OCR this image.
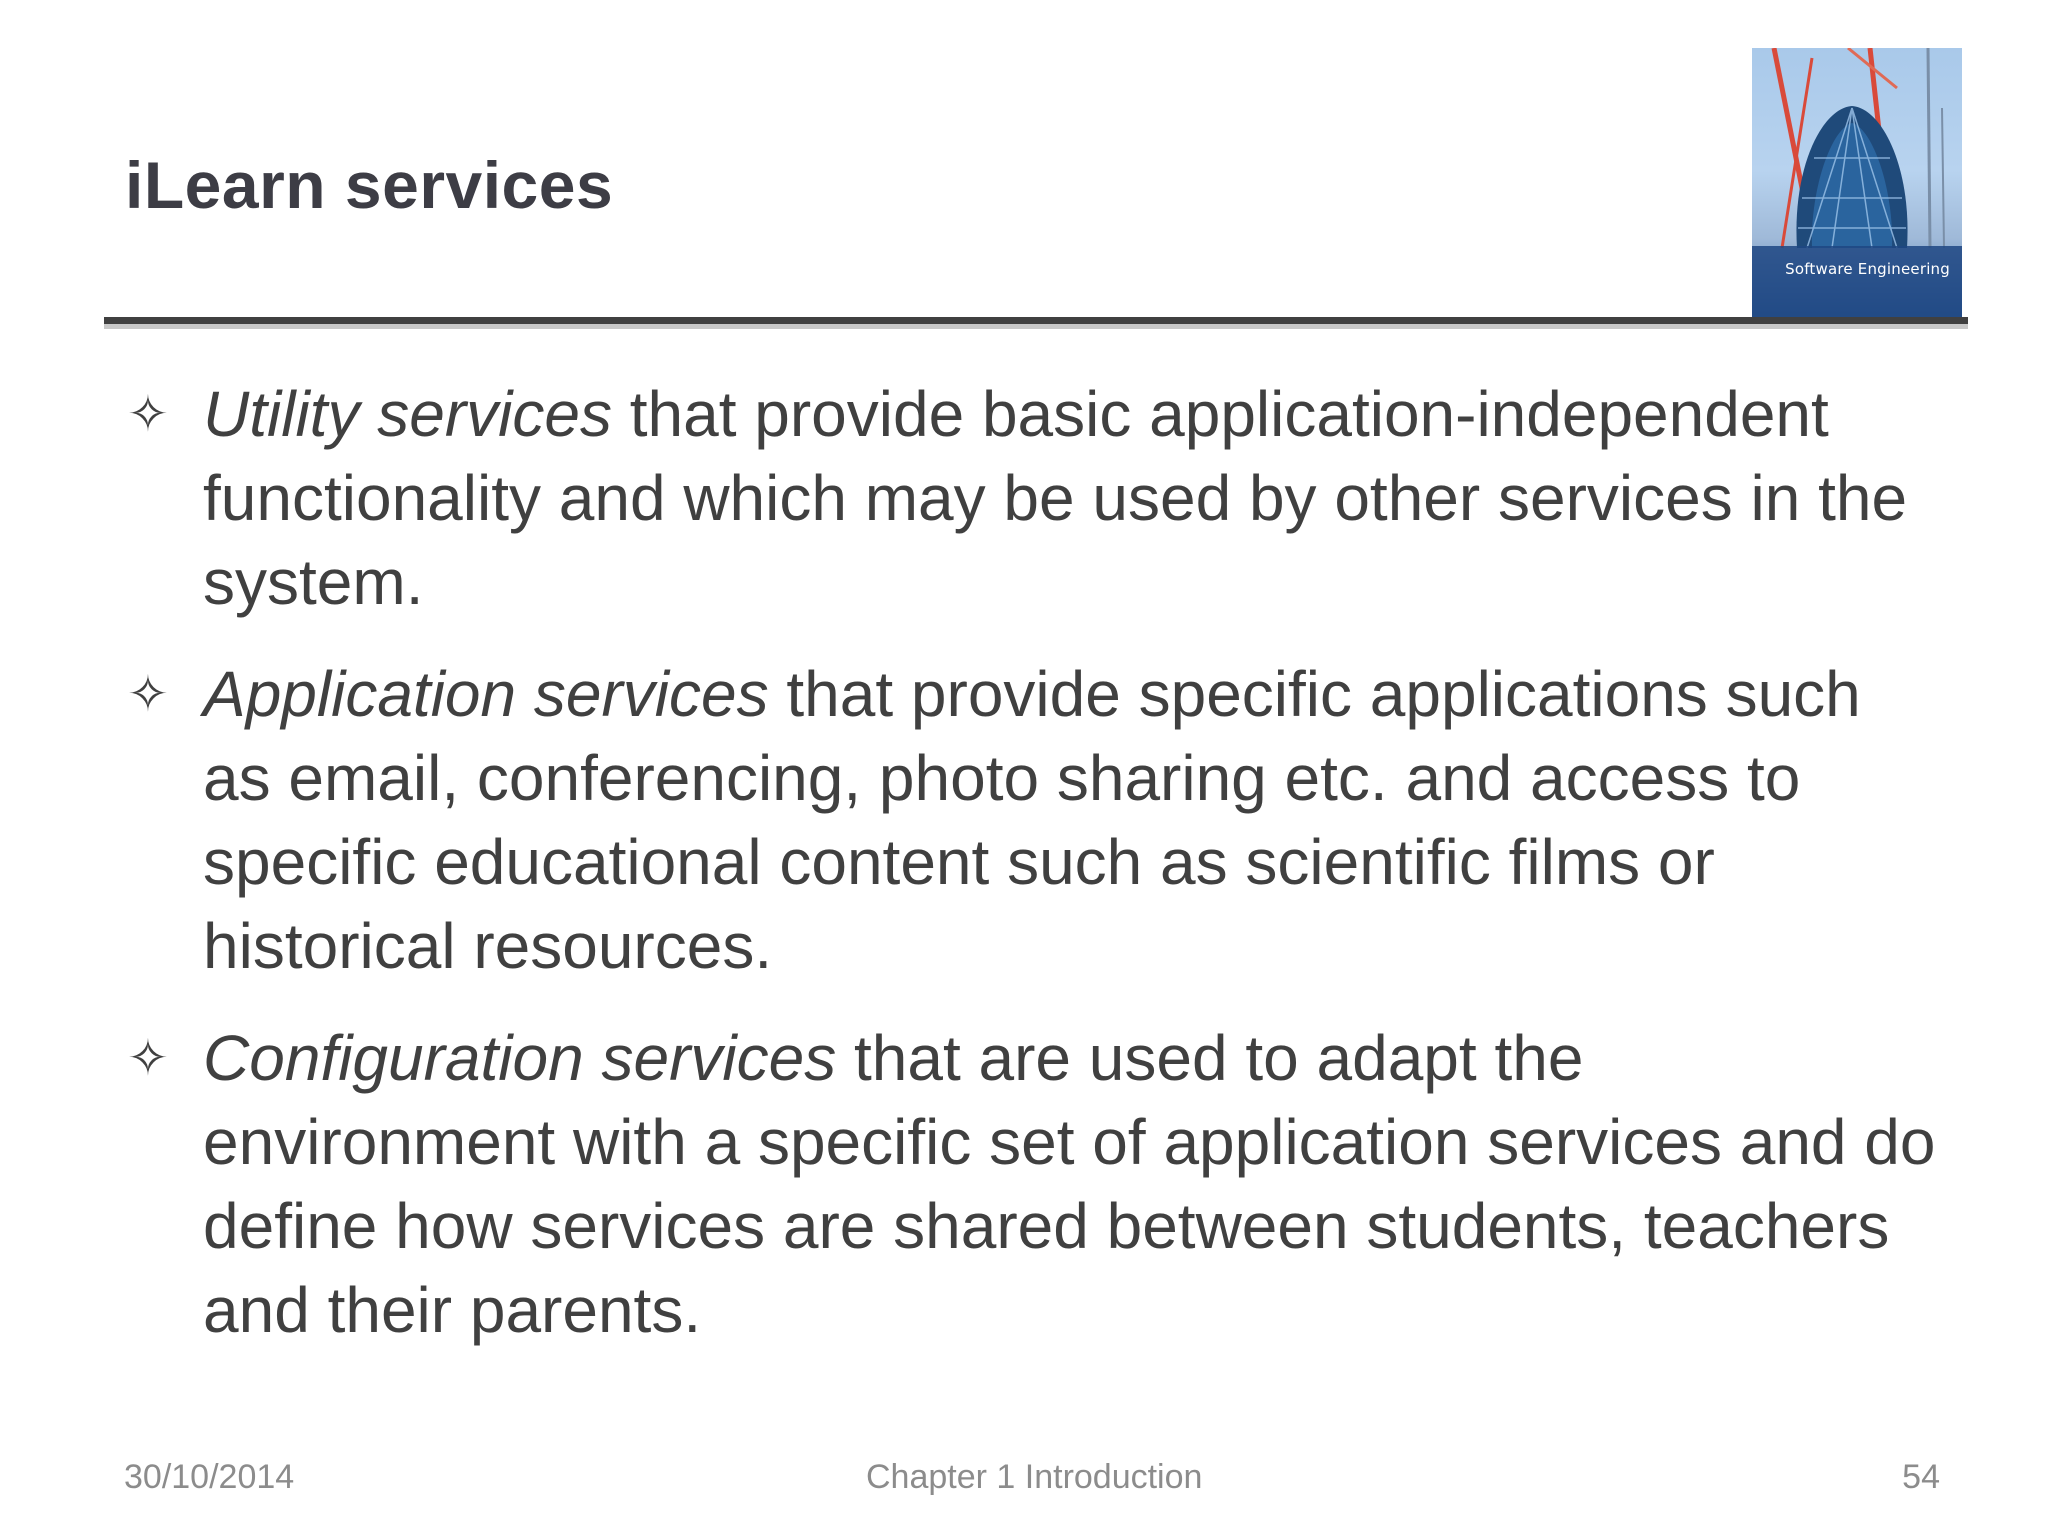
iLearn services
Software Engineering
✧ Utility services that provide basic application-independent functionality and which may be used by other services in the system.
✧ Application services that provide specific applications such as email, conferencing, photo sharing etc. and access to specific educational content such as scientific films or historical resources.
✧ Configuration services that are used to adapt the environment with a specific set of application services and do define how services are shared between students, teachers and their parents.
30/10/2014	Chapter 1 Introduction	54
